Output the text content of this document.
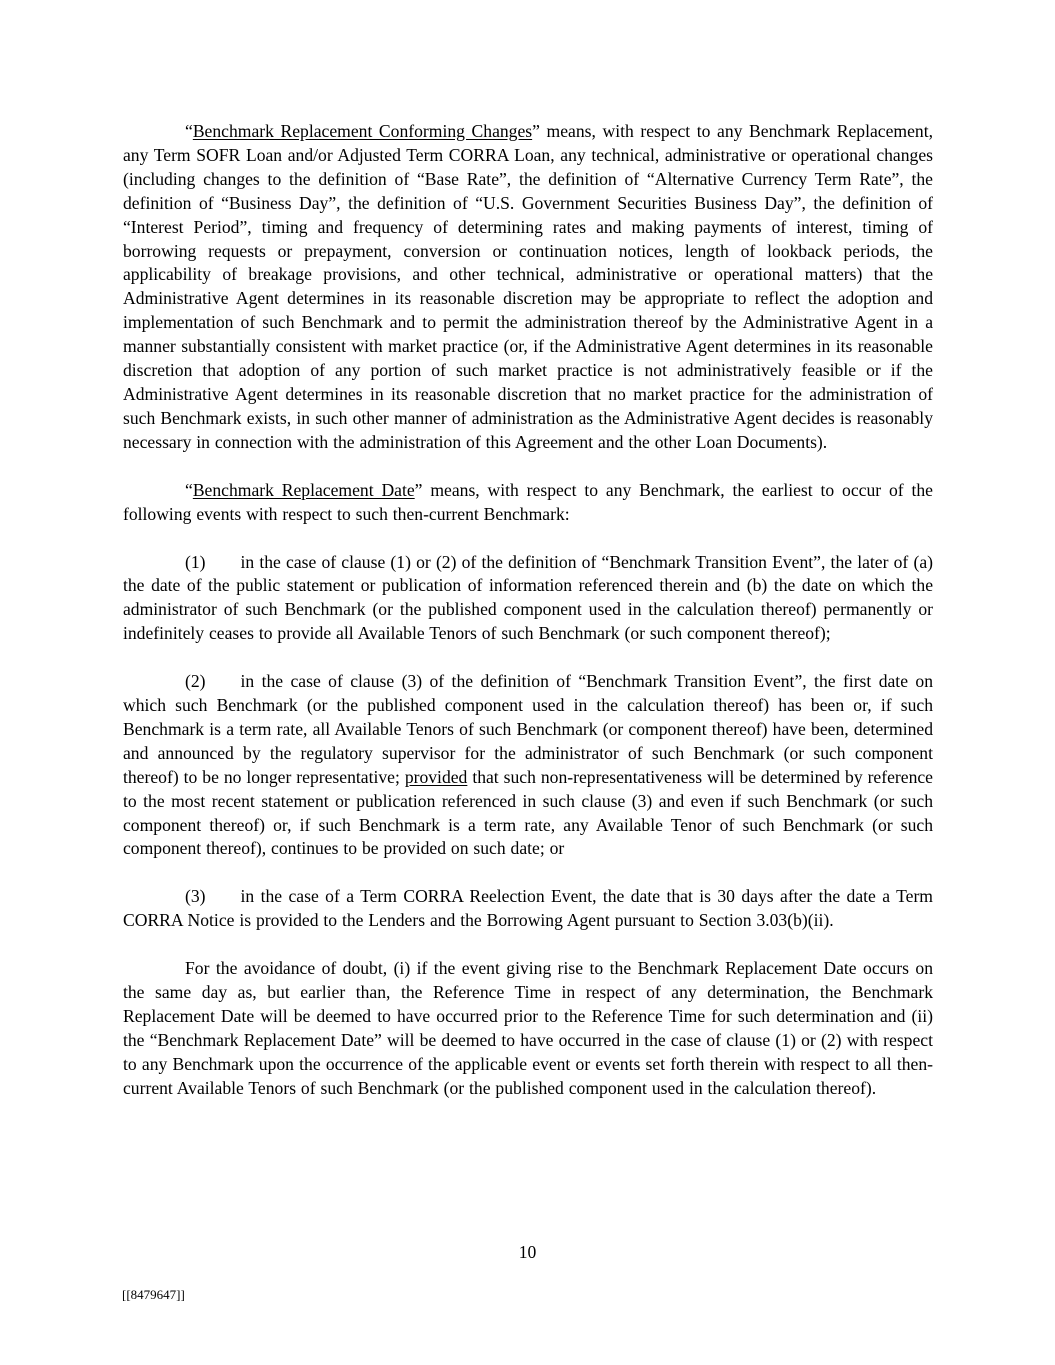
“Benchmark Replacement Conforming Changes” means, with respect to any Benchmark Replacement, any Term SOFR Loan and/or Adjusted Term CORRA Loan, any technical, administrative or operational changes (including changes to the definition of “Base Rate”, the definition of “Alternative Currency Term Rate”, the definition of “Business Day”, the definition of “U.S. Government Securities Business Day”, the definition of “Interest Period”, timing and frequency of determining rates and making payments of interest, timing of borrowing requests or prepayment, conversion or continuation notices, length of lookback periods, the applicability of breakage provisions, and other technical, administrative or operational matters) that the Administrative Agent determines in its reasonable discretion may be appropriate to reflect the adoption and implementation of such Benchmark and to permit the administration thereof by the Administrative Agent in a manner substantially consistent with market practice (or, if the Administrative Agent determines in its reasonable discretion that adoption of any portion of such market practice is not administratively feasible or if the Administrative Agent determines in its reasonable discretion that no market practice for the administration of such Benchmark exists, in such other manner of administration as the Administrative Agent decides is reasonably necessary in connection with the administration of this Agreement and the other Loan Documents).

“Benchmark Replacement Date” means, with respect to any Benchmark, the earliest to occur of the following events with respect to such then-current Benchmark:

(1) in the case of clause (1) or (2) of the definition of “Benchmark Transition Event”, the later of (a) the date of the public statement or publication of information referenced therein and (b) the date on which the administrator of such Benchmark (or the published component used in the calculation thereof) permanently or indefinitely ceases to provide all Available Tenors of such Benchmark (or such component thereof);

(2) in the case of clause (3) of the definition of “Benchmark Transition Event”, the first date on which such Benchmark (or the published component used in the calculation thereof) has been or, if such Benchmark is a term rate, all Available Tenors of such Benchmark (or component thereof) have been, determined and announced by the regulatory supervisor for the administrator of such Benchmark (or such component thereof) to be no longer representative; provided that such non-representativeness will be determined by reference to the most recent statement or publication referenced in such clause (3) and even if such Benchmark (or such component thereof) or, if such Benchmark is a term rate, any Available Tenor of such Benchmark (or such component thereof), continues to be provided on such date; or

(3) in the case of a Term CORRA Reelection Event, the date that is 30 days after the date a Term CORRA Notice is provided to the Lenders and the Borrowing Agent pursuant to Section 3.03(b)(ii).

For the avoidance of doubt, (i) if the event giving rise to the Benchmark Replacement Date occurs on the same day as, but earlier than, the Reference Time in respect of any determination, the Benchmark Replacement Date will be deemed to have occurred prior to the Reference Time for such determination and (ii) the “Benchmark Replacement Date” will be deemed to have occurred in the case of clause (1) or (2) with respect to any Benchmark upon the occurrence of the applicable event or events set forth therein with respect to all then-current Available Tenors of such Benchmark (or the published component used in the calculation thereof).

10
[[8479647]]
